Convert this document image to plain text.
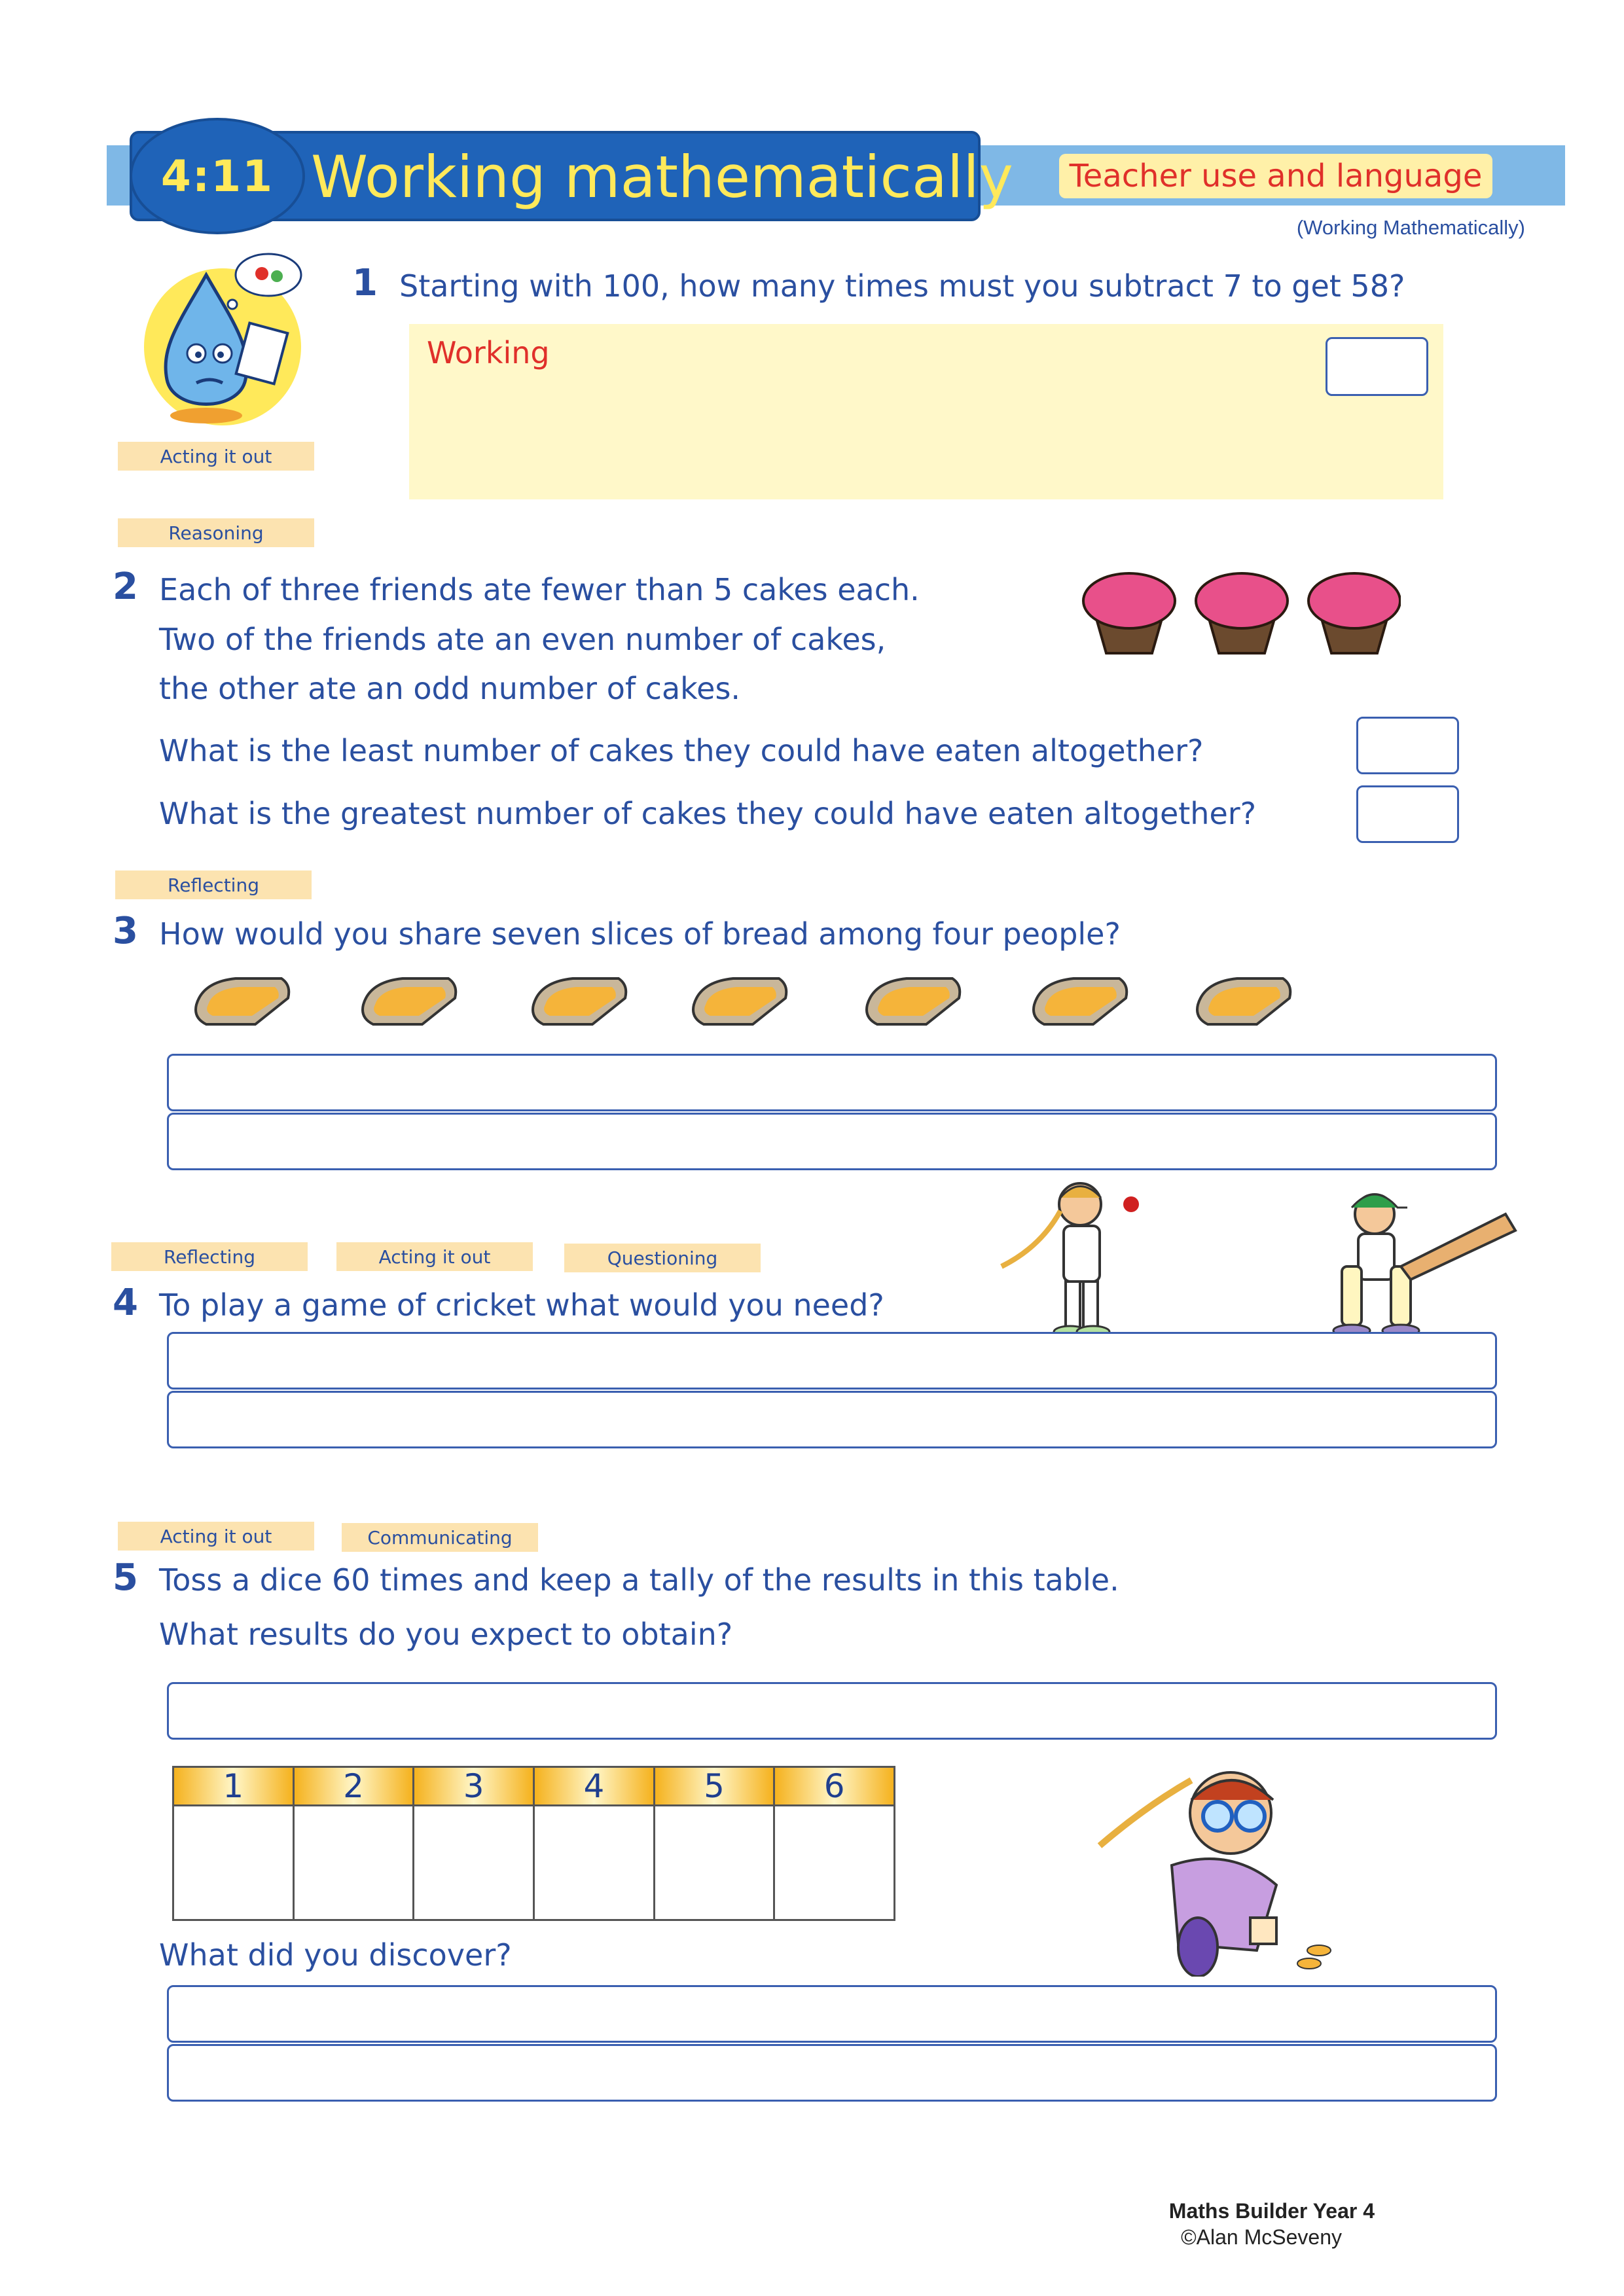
4:11 Working mathematically	Teacher use and language
(Working Mathematically)
Acting it out
Reasoning
1 Starting with 100, how many times must you subtract 7 to get 58?
Working
2 Each of three friends ate fewer than 5 cakes each.
Two of the friends ate an even number of cakes,
the other ate an odd number of cakes.
What is the least number of cakes they could have eaten altogether?
What is the greatest number of cakes they could have eaten altogether?
Reflecting
3 How would you share seven slices of bread among four people?
Reflecting	Acting it out	Questioning
4 To play a game of cricket what would you need?
Acting it out	Communicating
5 Toss a dice 60 times and keep a tally of the results in this table.
What results do you expect to obtain?
1	2	3	4	5	6
What did you discover?
Maths Builder Year 4
©Alan McSeveny
